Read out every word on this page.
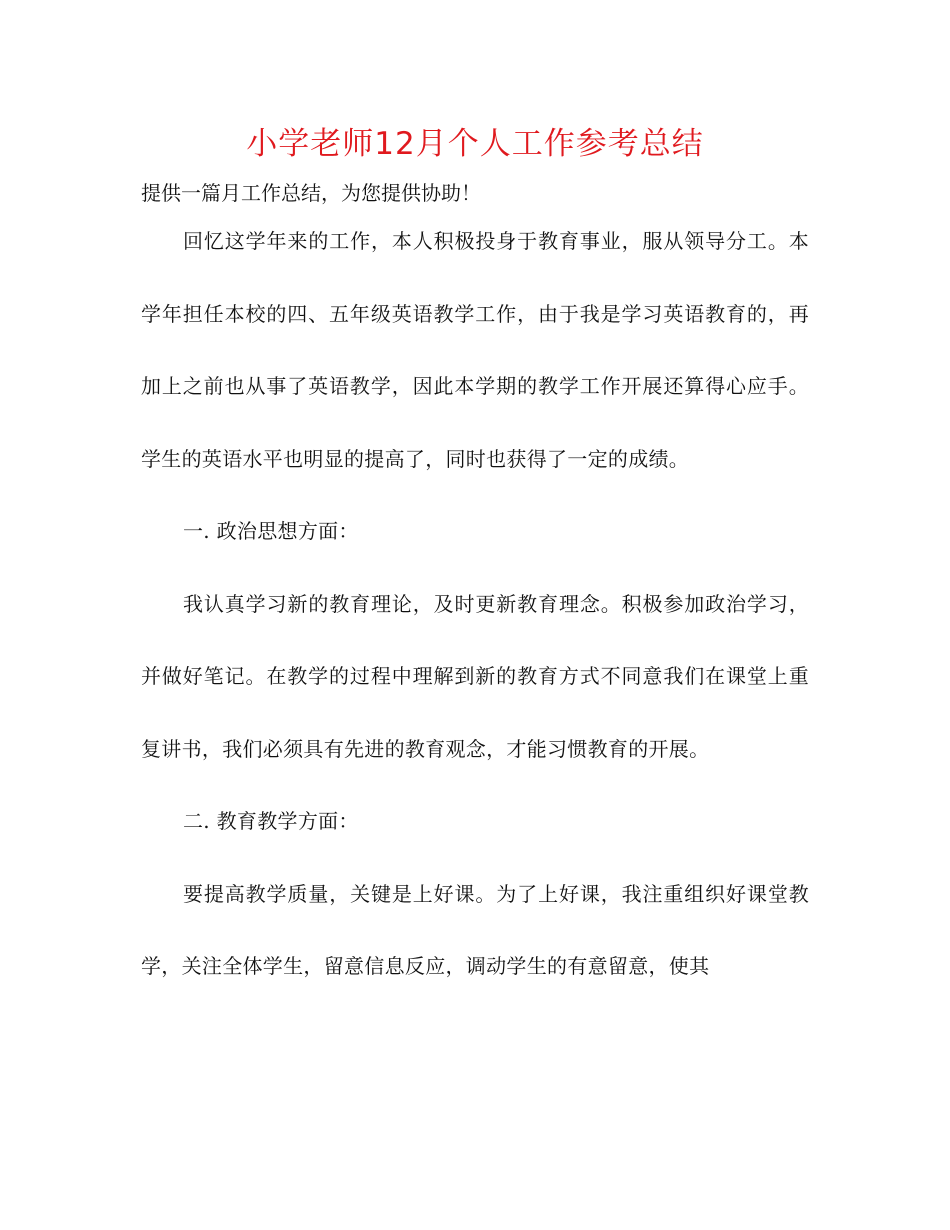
小学老师12月个人工作参考总结
提供一篇月工作总结，为您提供协助！

回忆这学年来的工作，本人积极投身于教育事业，服从领导分工。本学年担任本校的四、五年级英语教学工作，由于我是学习英语教育的，再加上之前也从事了英语教学，因此本学期的教学工作开展还算得心应手。学生的英语水平也明显的提高了，同时也获得了一定的成绩。

一. 政治思想方面：

我认真学习新的教育理论，及时更新教育理念。积极参加政治学习，并做好笔记。在教学的过程中理解到新的教育方式不同意我们在课堂上重复讲书，我们必须具有先进的教育观念，才能习惯教育的开展。

二. 教育教学方面：

要提高教学质量，关键是上好课。为了上好课，我注重组织好课堂教学，关注全体学生，留意信息反应，调动学生的有意留意，使其
